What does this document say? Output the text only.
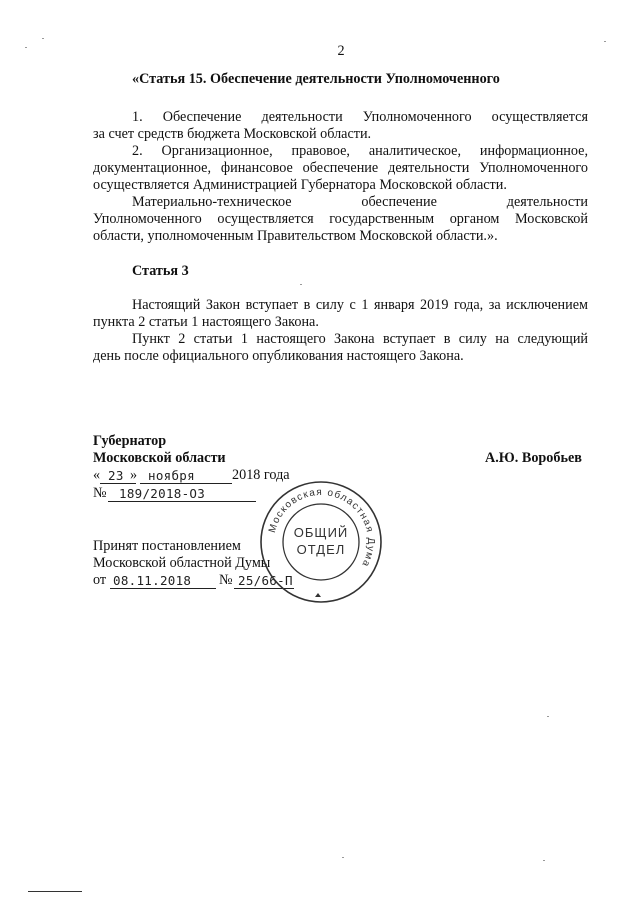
2
«Статья 15. Обеспечение деятельности Уполномоченного
1. Обеспечение деятельности Уполномоченного осуществляется
за счет средств бюджета Московской области.
2. Организационное, правовое, аналитическое, информационное,
документационное, финансовое обеспечение деятельности Уполномоченного
осуществляется Администрацией Губернатора Московской области.
Материально-техническое обеспечение деятельности
Уполномоченного осуществляется государственным органом Московской
области, уполномоченным Правительством Московской области.».
Статья 3
Настоящий Закон вступает в силу с 1 января 2019 года, за исключением
пункта 2 статьи 1 настоящего Закона.
Пункт 2 статьи 1 настоящего Закона вступает в силу на следующий
день после официального опубликования настоящего Закона.
Губернатор
Московской области	А.Ю. Воробьев
« 23 » ноября	2018 года
№ 189/2018-ОЗ
Принят постановлением
Московской областной Думы
от 08.11.2018 № 25/66-П
Московская областная Дума
ОБЩИЙ
ОТДЕЛ
